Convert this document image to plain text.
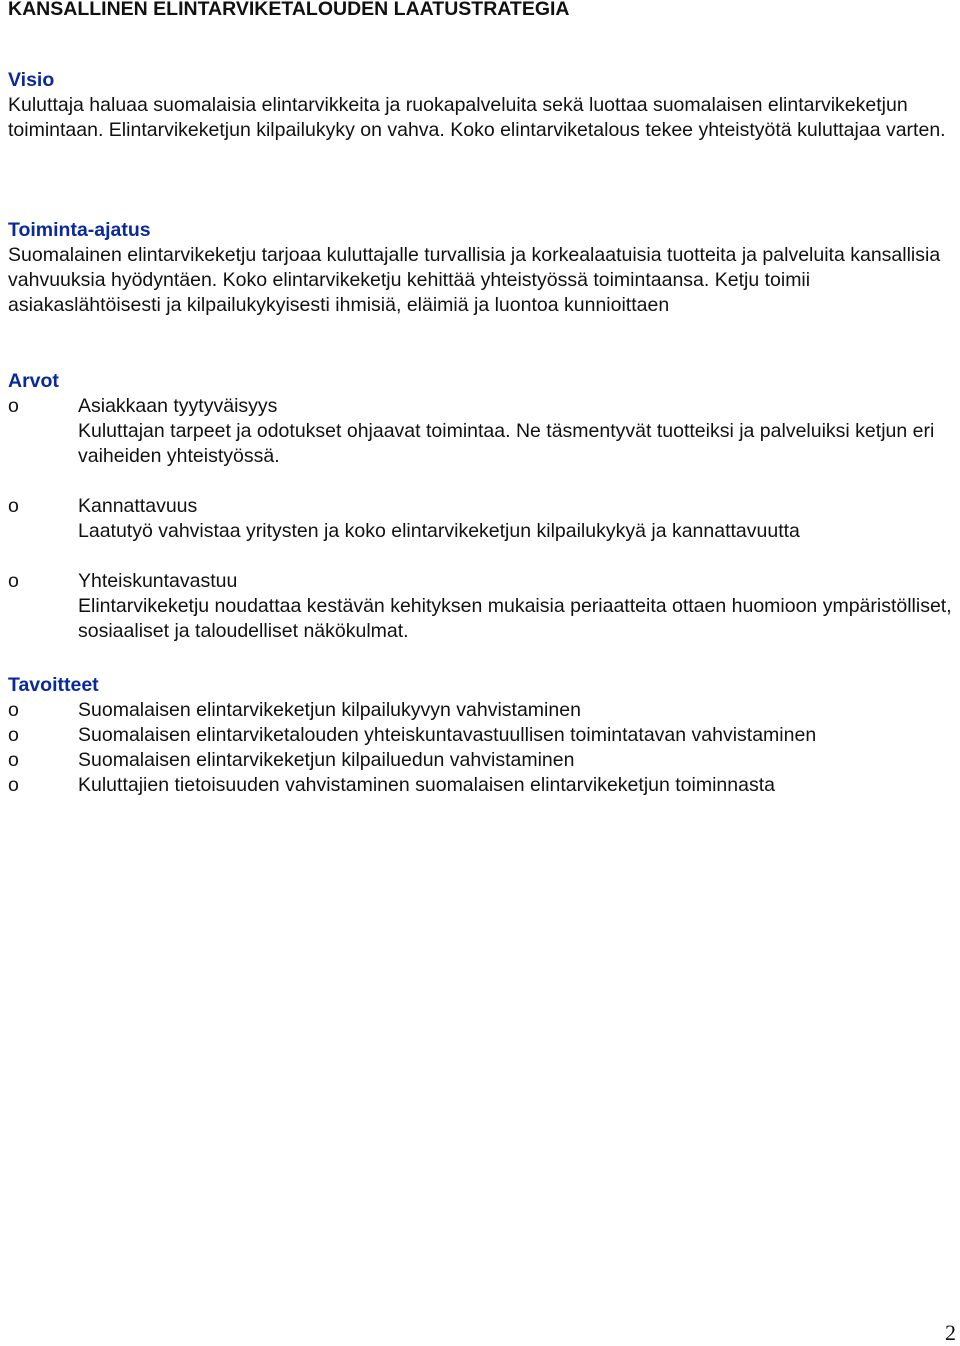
KANSALLINEN ELINTARVIKETALOUDEN LAATUSTRATEGIA
Visio

Kuluttaja haluaa suomalaisia elintarvikkeita ja ruokapalveluita sekä luottaa suomalaisen elintarvikeketjun toimintaan. Elintarvikeketjun kilpailukyky on vahva. Koko elintarviketalous tekee yhteistyötä kuluttajaa varten.

Toiminta-ajatus

Suomalainen elintarvikeketju tarjoaa kuluttajalle turvallisia ja korkealaatuisia tuotteita ja palveluita kansallisia vahvuuksia hyödyntäen. Koko elintarvikeketju kehittää yhteistyössä toimintaansa. Ketju toimii asiakaslähtöisesti ja kilpailukykyisesti ihmisiä, eläimiä ja luontoa kunnioittaen

Arvot
o	Asiakkaan tyytyväisyys
Kuluttajan tarpeet ja odotukset ohjaavat toimintaa. Ne täsmentyvät tuotteiksi ja palveluiksi ketjun eri vaiheiden yhteistyössä.
o	Kannattavuus
Laatutyö vahvistaa yritysten ja koko elintarvikeketjun kilpailukykyä ja kannattavuutta
o	Yhteiskuntavastuu
Elintarvikeketju noudattaa kestävän kehityksen mukaisia periaatteita ottaen huomioon ympäristölliset, sosiaaliset ja taloudelliset näkökulmat.
Tavoitteet
o	Suomalaisen elintarvikeketjun kilpailukyvyn vahvistaminen
o	Suomalaisen elintarviketalouden yhteiskuntavastuullisen toimintatavan vahvistaminen
o	Suomalaisen elintarvikeketjun kilpailuedun vahvistaminen
o	Kuluttajien tietoisuuden vahvistaminen suomalaisen elintarvikeketjun toiminnasta
2
